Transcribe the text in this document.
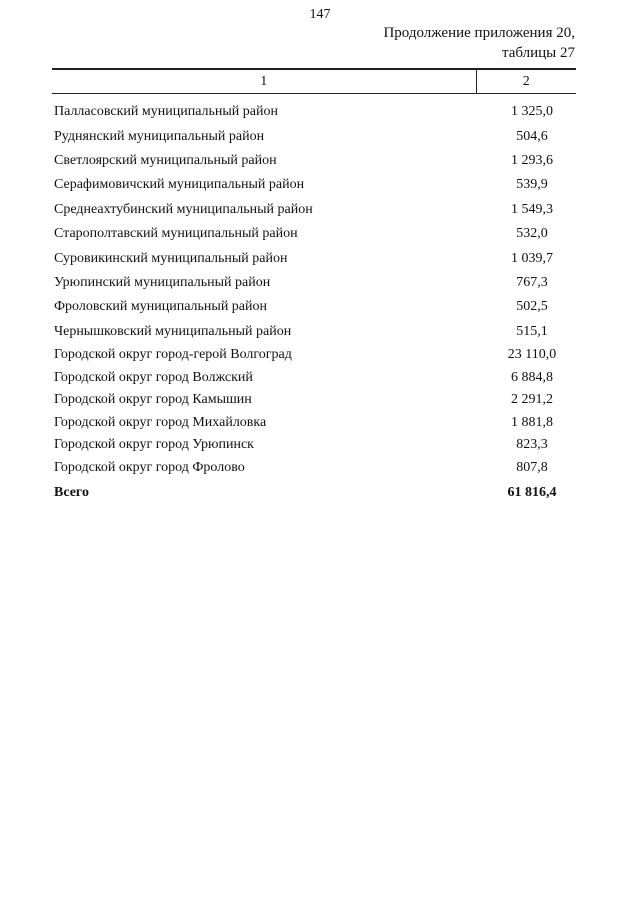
147
Продолжение приложения 20,
таблицы 27
1	2
Палласовский муниципальный район	1 325,0
Руднянский муниципальный район	504,6
Светлоярский муниципальный район	1 293,6
Серафимовичский муниципальный район	539,9
Среднеахтубинский муниципальный район	1 549,3
Старополтавский муниципальный район	532,0
Суровикинский муниципальный район	1 039,7
Урюпинский муниципальный район	767,3
Фроловский муниципальный район	502,5
Чернышковский муниципальный район	515,1
Городской округ город-герой Волгоград	23 110,0
Городской округ город Волжский	6 884,8
Городской округ город Камышин	2 291,2
Городской округ город Михайловка	1 881,8
Городской округ город Урюпинск	823,3
Городской округ город Фролово	807,8
Всего	61 816,4
